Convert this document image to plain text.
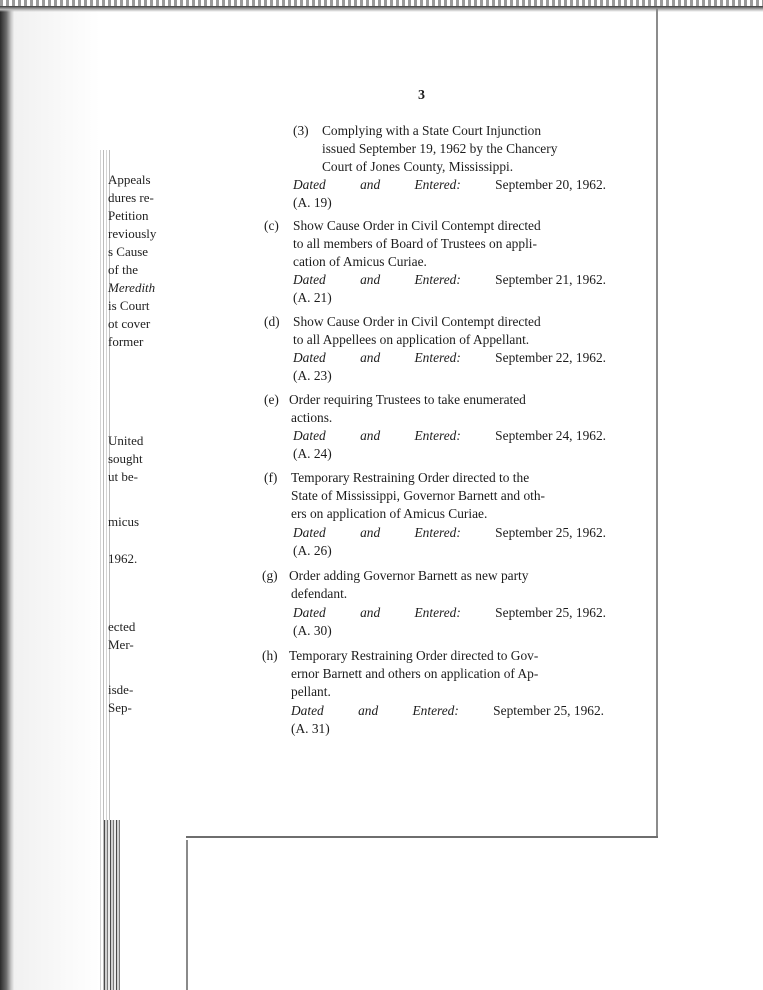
Appeals
dures re-
Petition
reviously
s Cause
of the
Meredith
is Court
ot cover
former
United
sought
ut be-
micus
1962.
ected
Mer-
isde-
Sep-
3
(3) Complying with a State Court Injunction
issued September 19, 1962 by the Chancery
Court of Jones County, Mississippi.
Dated	and	Entered:	September 20, 1962.
(A. 19)
(c) Show Cause Order in Civil Contempt directed
to all members of Board of Trustees on appli-
cation of Amicus Curiae.
Dated	and	Entered:	September 21, 1962.
(A. 21)
(d) Show Cause Order in Civil Contempt directed
to all Appellees on application of Appellant.
Dated	and	Entered:	September 22, 1962.
(A. 23)
(e) Order requiring Trustees to take enumerated
actions.
Dated	and	Entered:	September 24, 1962.
(A. 24)
(f) Temporary Restraining Order directed to the
State of Mississippi, Governor Barnett and oth-
ers on application of Amicus Curiae.
Dated	and	Entered:	September 25, 1962.
(A. 26)
(g) Order adding Governor Barnett as new party
defendant.
Dated	and	Entered:	September 25, 1962.
(A. 30)
(h) Temporary Restraining Order directed to Gov-
ernor Barnett and others on application of Ap-
pellant.
Dated	and	Entered:	September 25, 1962.
(A. 31)
